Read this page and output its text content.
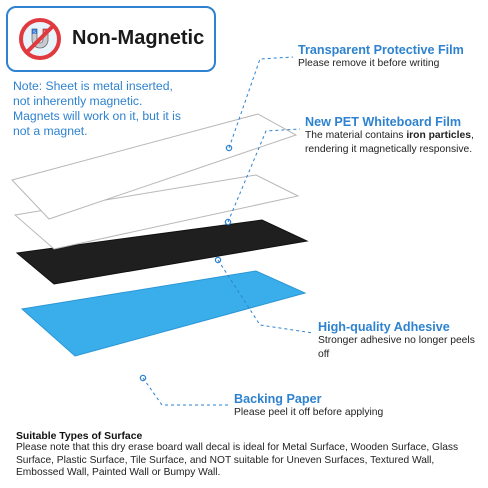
S Non-Magnetic
Note: Sheet is metal inserted, not inherently magnetic. Magnets will work on it, but it is not a magnet.
Transparent Protective Film
Please remove it before writing
New PET Whiteboard Film
The material contains iron particles, rendering it magnetically responsive.
High-quality Adhesive
Stronger adhesive no longer peels off
Backing Paper
Please peel it off before applying
Suitable Types of Surface
Please note that this dry erase board wall decal is ideal for Metal Surface, Wooden Surface, Glass Surface, Plastic Surface, Tile Surface, and NOT suitable for Uneven Surfaces, Textured Wall, Embossed Wall, Painted Wall or Bumpy Wall.
